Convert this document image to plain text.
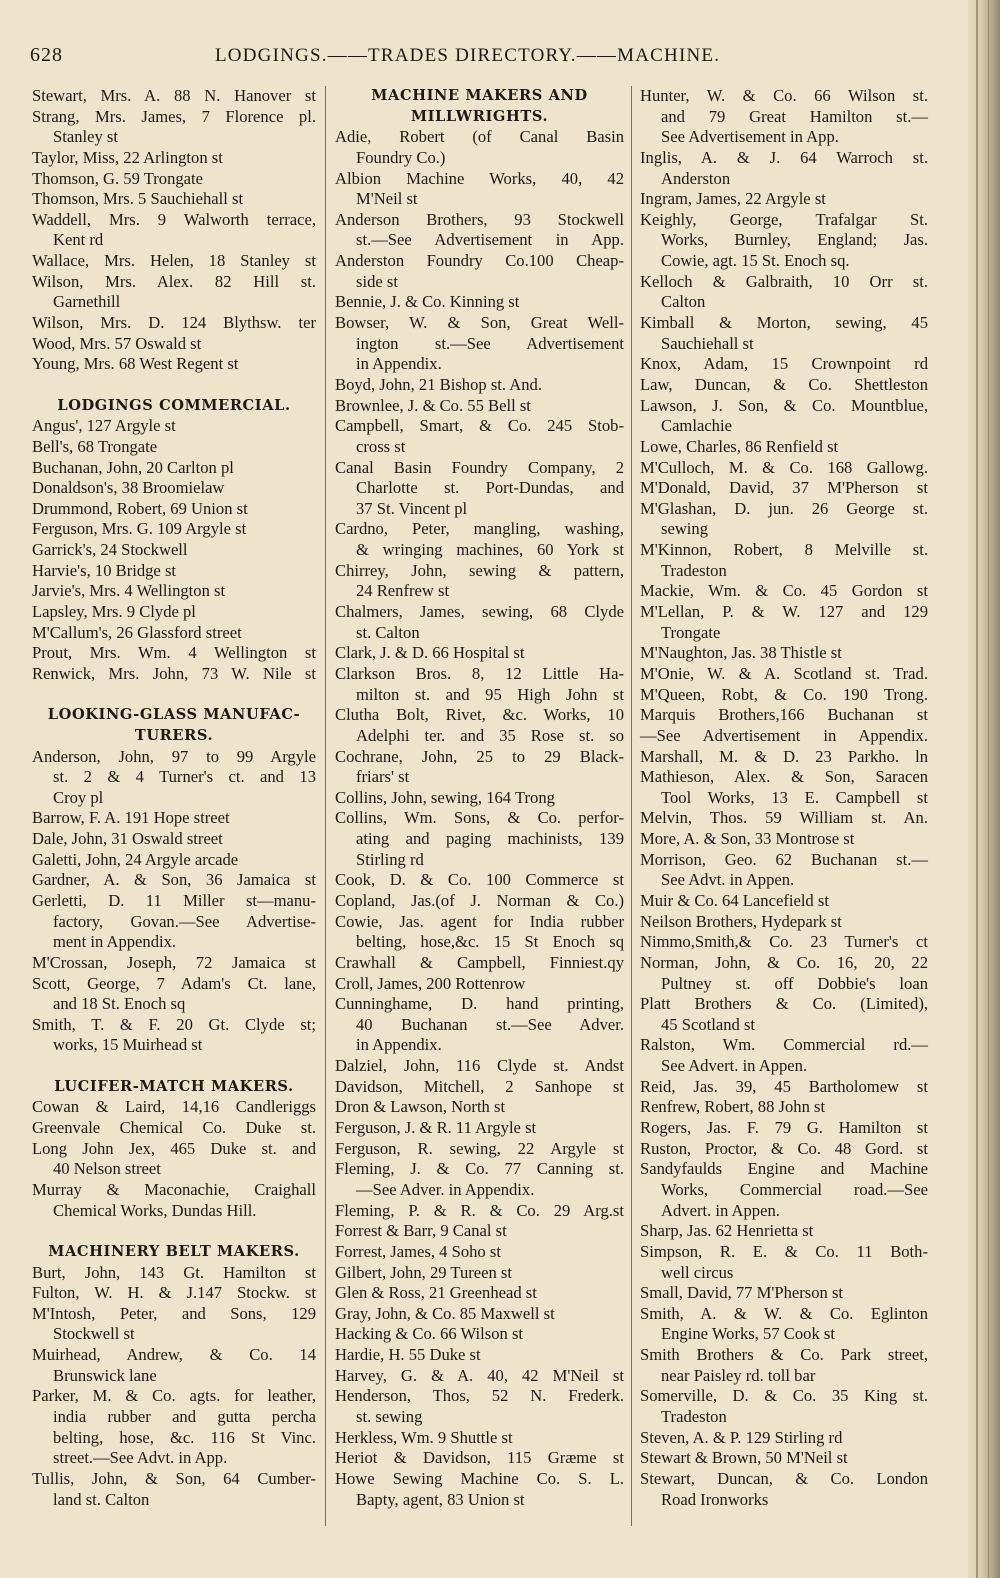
628	LODGINGS.——TRADES DIRECTORY.——MACHINE.
Stewart, Mrs. A. 88 N. Hanover st
Strang, Mrs. James, 7 Florence pl.
Stanley st
Taylor, Miss, 22 Arlington st
Thomson, G. 59 Trongate
Thomson, Mrs. 5 Sauchiehall st
Waddell, Mrs. 9 Walworth terrace,
Kent rd
Wallace, Mrs. Helen, 18 Stanley st
Wilson, Mrs. Alex. 82 Hill st.
Garnethill
Wilson, Mrs. D. 124 Blythsw. ter
Wood, Mrs. 57 Oswald st
Young, Mrs. 68 West Regent st
LODGINGS COMMERCIAL.
Angus', 127 Argyle st
Bell's, 68 Trongate
Buchanan, John, 20 Carlton pl
Donaldson's, 38 Broomielaw
Drummond, Robert, 69 Union st
Ferguson, Mrs. G. 109 Argyle st
Garrick's, 24 Stockwell
Harvie's, 10 Bridge st
Jarvie's, Mrs. 4 Wellington st
Lapsley, Mrs. 9 Clyde pl
M'Callum's, 26 Glassford street
Prout, Mrs. Wm. 4 Wellington st
Renwick, Mrs. John, 73 W. Nile st
LOOKING-GLASS MANUFAC-
TURERS.
Anderson, John, 97 to 99 Argyle
st. 2 & 4 Turner's ct. and 13
Croy pl
Barrow, F. A. 191 Hope street
Dale, John, 31 Oswald street
Galetti, John, 24 Argyle arcade
Gardner, A. & Son, 36 Jamaica st
Gerletti, D. 11 Miller st—manu-
factory, Govan.—See Advertise-
ment in Appendix.
M'Crossan, Joseph, 72 Jamaica st
Scott, George, 7 Adam's Ct. lane,
and 18 St. Enoch sq
Smith, T. & F. 20 Gt. Clyde st;
works, 15 Muirhead st
LUCIFER-MATCH MAKERS.
Cowan & Laird, 14,16 Candleriggs
Greenvale Chemical Co. Duke st.
Long John Jex, 465 Duke st. and
40 Nelson street
Murray & Maconachie, Craighall
Chemical Works, Dundas Hill.
MACHINERY BELT MAKERS.
Burt, John, 143 Gt. Hamilton st
Fulton, W. H. & J.147 Stockw. st
M'Intosh, Peter, and Sons, 129
Stockwell st
Muirhead, Andrew, & Co. 14
Brunswick lane
Parker, M. & Co. agts. for leather,
india rubber and gutta percha
belting, hose, &c. 116 St Vinc.
street.—See Advt. in App.
Tullis, John, & Son, 64 Cumber-
land st. Calton
MACHINE MAKERS AND
MILLWRIGHTS.
Adie, Robert (of Canal Basin
Foundry Co.)
Albion Machine Works, 40, 42
M'Neil st
Anderson Brothers, 93 Stockwell
st.—See Advertisement in App.
Anderston Foundry Co.100 Cheap-
side st
Bennie, J. & Co. Kinning st
Bowser, W. & Son, Great Well-
ington st.—See Advertisement
in Appendix.
Boyd, John, 21 Bishop st. And.
Brownlee, J. & Co. 55 Bell st
Campbell, Smart, & Co. 245 Stob-
cross st
Canal Basin Foundry Company, 2
Charlotte st. Port-Dundas, and
37 St. Vincent pl
Cardno, Peter, mangling, washing,
& wringing machines, 60 York st
Chirrey, John, sewing & pattern,
24 Renfrew st
Chalmers, James, sewing, 68 Clyde
st. Calton
Clark, J. & D. 66 Hospital st
Clarkson Bros. 8, 12 Little Ha-
milton st. and 95 High John st
Clutha Bolt, Rivet, &c. Works, 10
Adelphi ter. and 35 Rose st. so
Cochrane, John, 25 to 29 Black-
friars' st
Collins, John, sewing, 164 Trong
Collins, Wm. Sons, & Co. perfor-
ating and paging machinists, 139
Stirling rd
Cook, D. & Co. 100 Commerce st
Copland, Jas.(of J. Norman & Co.)
Cowie, Jas. agent for India rubber
belting, hose,&c. 15 St Enoch sq
Crawhall & Campbell, Finniest.qy
Croll, James, 200 Rottenrow
Cunninghame, D. hand printing,
40 Buchanan st.—See Adver.
in Appendix.
Dalziel, John, 116 Clyde st. Andst
Davidson, Mitchell, 2 Sanhope st
Dron & Lawson, North st
Ferguson, J. & R. 11 Argyle st
Ferguson, R. sewing, 22 Argyle st
Fleming, J. & Co. 77 Canning st.
—See Adver. in Appendix.
Fleming, P. & R. & Co. 29 Arg.st
Forrest & Barr, 9 Canal st
Forrest, James, 4 Soho st
Gilbert, John, 29 Tureen st
Glen & Ross, 21 Greenhead st
Gray, John, & Co. 85 Maxwell st
Hacking & Co. 66 Wilson st
Hardie, H. 55 Duke st
Harvey, G. & A. 40, 42 M'Neil st
Henderson, Thos, 52 N. Frederk.
st. sewing
Herkless, Wm. 9 Shuttle st
Heriot & Davidson, 115 Græme st
Howe Sewing Machine Co. S. L.
Bapty, agent, 83 Union st
Hunter, W. & Co. 66 Wilson st.
and 79 Great Hamilton st.—
See Advertisement in App.
Inglis, A. & J. 64 Warroch st.
Anderston
Ingram, James, 22 Argyle st
Keighly, George, Trafalgar St.
Works, Burnley, England; Jas.
Cowie, agt. 15 St. Enoch sq.
Kelloch & Galbraith, 10 Orr st.
Calton
Kimball & Morton, sewing, 45
Sauchiehall st
Knox, Adam, 15 Crownpoint rd
Law, Duncan, & Co. Shettleston
Lawson, J. Son, & Co. Mountblue,
Camlachie
Lowe, Charles, 86 Renfield st
M'Culloch, M. & Co. 168 Gallowg.
M'Donald, David, 37 M'Pherson st
M'Glashan, D. jun. 26 George st.
sewing
M'Kinnon, Robert, 8 Melville st.
Tradeston
Mackie, Wm. & Co. 45 Gordon st
M'Lellan, P. & W. 127 and 129
Trongate
M'Naughton, Jas. 38 Thistle st
M'Onie, W. & A. Scotland st. Trad.
M'Queen, Robt, & Co. 190 Trong.
Marquis Brothers,166 Buchanan st
—See Advertisement in Appendix.
Marshall, M. & D. 23 Parkho. ln
Mathieson, Alex. & Son, Saracen
Tool Works, 13 E. Campbell st
Melvin, Thos. 59 William st. An.
More, A. & Son, 33 Montrose st
Morrison, Geo. 62 Buchanan st.—
See Advt. in Appen.
Muir & Co. 64 Lancefield st
Neilson Brothers, Hydepark st
Nimmo,Smith,& Co. 23 Turner's ct
Norman, John, & Co. 16, 20, 22
Pultney st. off Dobbie's loan
Platt Brothers & Co. (Limited),
45 Scotland st
Ralston, Wm. Commercial rd.—
See Advert. in Appen.
Reid, Jas. 39, 45 Bartholomew st
Renfrew, Robert, 88 John st
Rogers, Jas. F. 79 G. Hamilton st
Ruston, Proctor, & Co. 48 Gord. st
Sandyfaulds Engine and Machine
Works, Commercial road.—See
Advert. in Appen.
Sharp, Jas. 62 Henrietta st
Simpson, R. E. & Co. 11 Both-
well circus
Small, David, 77 M'Pherson st
Smith, A. & W. & Co. Eglinton
Engine Works, 57 Cook st
Smith Brothers & Co. Park street,
near Paisley rd. toll bar
Somerville, D. & Co. 35 King st.
Tradeston
Steven, A. & P. 129 Stirling rd
Stewart & Brown, 50 M'Neil st
Stewart, Duncan, & Co. London
Road Ironworks
